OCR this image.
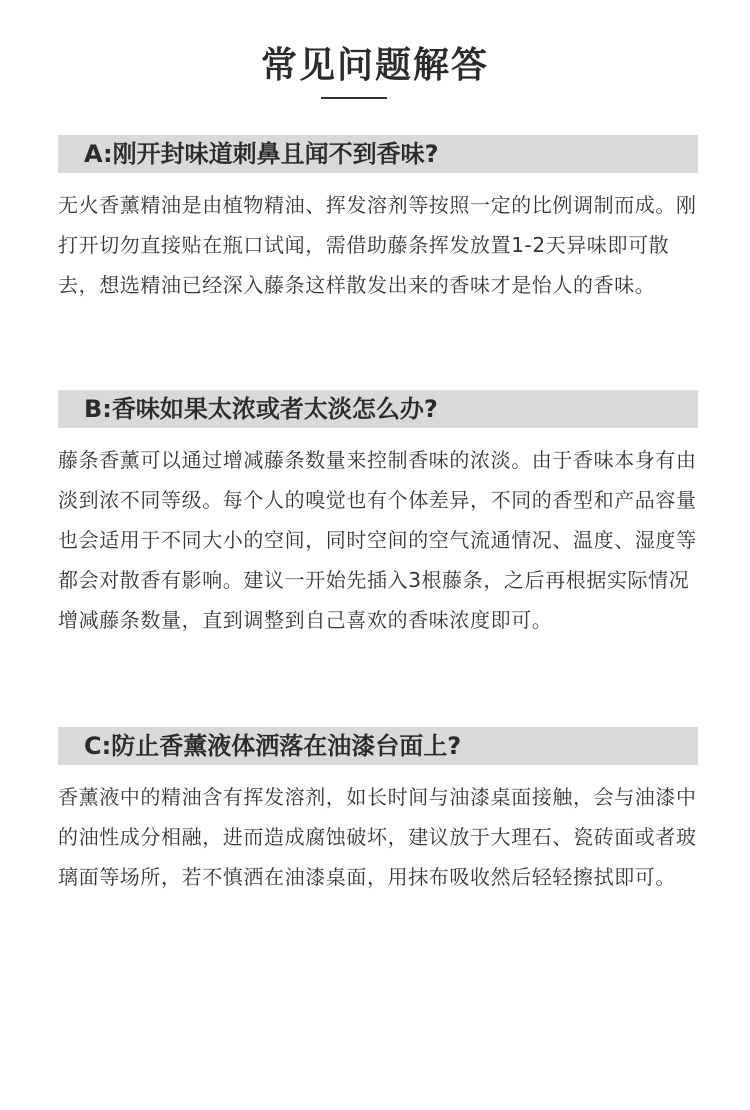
常见问题解答
A:刚开封味道刺鼻且闻不到香味?
无火香薰精油是由植物精油、挥发溶剂等按照一定的比例调制而成。刚打开切勿直接贴在瓶口试闻，需借助藤条挥发放置1-2天异味即可散去，想选精油已经深入藤条这样散发出来的香味才是怡人的香味。
B:香味如果太浓或者太淡怎么办?
藤条香薰可以通过增减藤条数量来控制香味的浓淡。由于香味本身有由淡到浓不同等级。每个人的嗅觉也有个体差异，不同的香型和产品容量也会适用于不同大小的空间，同时空间的空气流通情况、温度、湿度等都会对散香有影响。建议一开始先插入3根藤条，之后再根据实际情况增减藤条数量，直到调整到自己喜欢的香味浓度即可。
C:防止香薰液体洒落在油漆台面上?
香薰液中的精油含有挥发溶剂，如长时间与油漆桌面接触，会与油漆中的油性成分相融，进而造成腐蚀破坏，建议放于大理石、瓷砖面或者玻璃面等场所，若不慎洒在油漆桌面，用抹布吸收然后轻轻擦拭即可。
